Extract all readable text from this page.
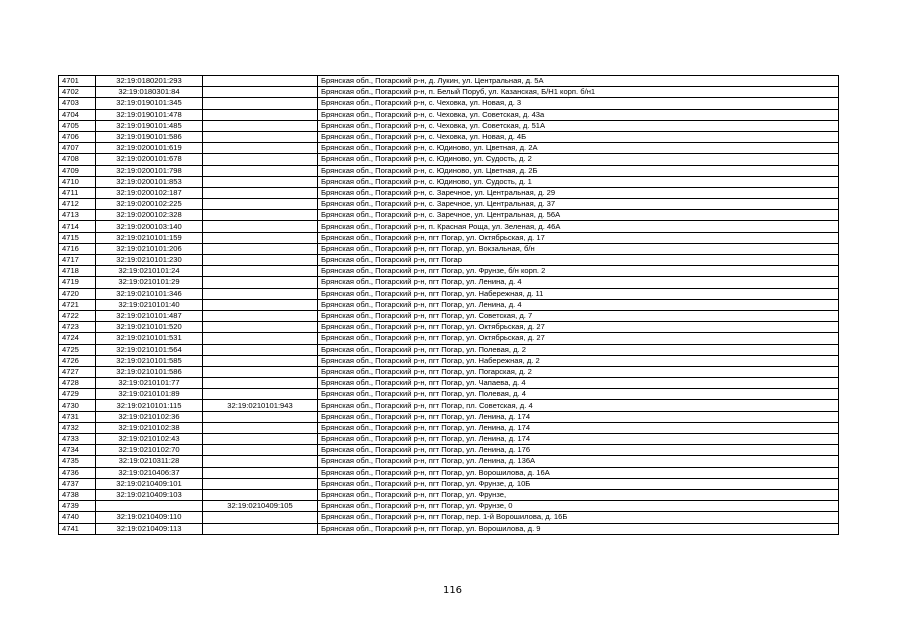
4701	32:19:0180201:293		Брянская обл., Погарский р-н, д. Лукин, ул. Центральная, д. 5А
4702	32:19:0180301:84		Брянская обл., Погарский р-н, п. Белый Поруб, ул. Казанская, Б/Н1 корп. б/н1
4703	32:19:0190101:345		Брянская обл., Погарский р-н, с. Чеховка, ул. Новая, д. 3
4704	32:19:0190101:478		Брянская обл., Погарский р-н, с. Чеховка, ул. Советская, д. 43а
4705	32:19:0190101:485		Брянская обл., Погарский р-н, с. Чеховка, ул. Советская, д. 51А
4706	32:19:0190101:586		Брянская обл., Погарский р-н, с. Чеховка, ул. Новая, д. 4Б
4707	32:19:0200101:619		Брянская обл., Погарский р-н, с. Юдиново, ул. Цветная, д. 2А
4708	32:19:0200101:678		Брянская обл., Погарский р-н, с. Юдиново, ул. Судость, д. 2
4709	32:19:0200101:798		Брянская обл., Погарский р-н, с. Юдиново, ул. Цветная, д. 2Б
4710	32:19:0200101:853		Брянская обл., Погарский р-н, с. Юдиново, ул. Судость, д. 1
4711	32:19:0200102:187		Брянская обл., Погарский р-н, с. Заречное, ул. Центральная, д. 29
4712	32:19:0200102:225		Брянская обл., Погарский р-н, с. Заречное, ул. Центральная, д. 37
4713	32:19:0200102:328		Брянская обл., Погарский р-н, с. Заречное, ул. Центральная, д. 56А
4714	32:19:0200103:140		Брянская обл., Погарский р-н, п. Красная Роща, ул. Зеленая, д. 46А
4715	32:19:0210101:159		Брянская обл., Погарский р-н, пгт Погар, ул. Октябрьская, д. 17
4716	32:19:0210101:206		Брянская обл., Погарский р-н, пгт Погар, ул. Вокзальная, б/н
4717	32:19:0210101:230		Брянская обл., Погарский р-н, пгт Погар
4718	32:19:0210101:24		Брянская обл., Погарский р-н, пгт Погар, ул. Фрунзе, б/н корп. 2
4719	32:19:0210101:29		Брянская обл., Погарский р-н, пгт Погар, ул. Ленина, д. 4
4720	32:19:0210101:346		Брянская обл., Погарский р-н, пгт Погар, ул. Набережная, д. 11
4721	32:19:0210101:40		Брянская обл., Погарский р-н, пгт Погар, ул. Ленина, д. 4
4722	32:19:0210101:487		Брянская обл., Погарский р-н, пгт Погар, ул. Советская, д. 7
4723	32:19:0210101:520		Брянская обл., Погарский р-н, пгт Погар, ул. Октябрьская, д. 27
4724	32:19:0210101:531		Брянская обл., Погарский р-н, пгт Погар, ул. Октябрьская, д. 27
4725	32:19:0210101:564		Брянская обл., Погарский р-н, пгт Погар, ул. Полевая, д. 2
4726	32:19:0210101:585		Брянская обл., Погарский р-н, пгт Погар, ул. Набережная, д. 2
4727	32:19:0210101:586		Брянская обл., Погарский р-н, пгт Погар, ул. Погарская, д. 2
4728	32:19:0210101:77		Брянская обл., Погарский р-н, пгт Погар, ул. Чапаева, д. 4
4729	32:19:0210101:89		Брянская обл., Погарский р-н, пгт Погар, ул. Полевая, д. 4
4730	32:19:0210101:115	32:19:0210101:943	Брянская обл., Погарский р-н, пгт Погар, пл. Советская, д. 4
4731	32:19:0210102:36		Брянская обл., Погарский р-н, пгт Погар, ул. Ленина, д. 174
4732	32:19:0210102:38		Брянская обл., Погарский р-н, пгт Погар, ул. Ленина, д. 174
4733	32:19:0210102:43		Брянская обл., Погарский р-н, пгт Погар, ул. Ленина, д. 174
4734	32:19:0210102:70		Брянская обл., Погарский р-н, пгт Погар, ул. Ленина, д. 176
4735	32:19:0210311:28		Брянская обл., Погарский р-н, пгт Погар, ул. Ленина, д. 136А
4736	32:19:0210406:37		Брянская обл., Погарский р-н, пгт Погар, ул. Ворошилова, д. 16А
4737	32:19:0210409:101		Брянская обл., Погарский р-н, пгт Погар, ул. Фрунзе, д. 10Б
4738	32:19:0210409:103		Брянская обл., Погарский р-н, пгт Погар, ул. Фрунзе,
4739		32:19:0210409:105	Брянская обл., Погарский р-н, пгт Погар, ул. Фрунзе, 0
4740	32:19:0210409:110		Брянская обл., Погарский р-н, пгт Погар, пер. 1-й Ворошилова, д. 16Б
4741	32:19:0210409:113		Брянская обл., Погарский р-н, пгт Погар, ул. Ворошилова, д. 9
116
